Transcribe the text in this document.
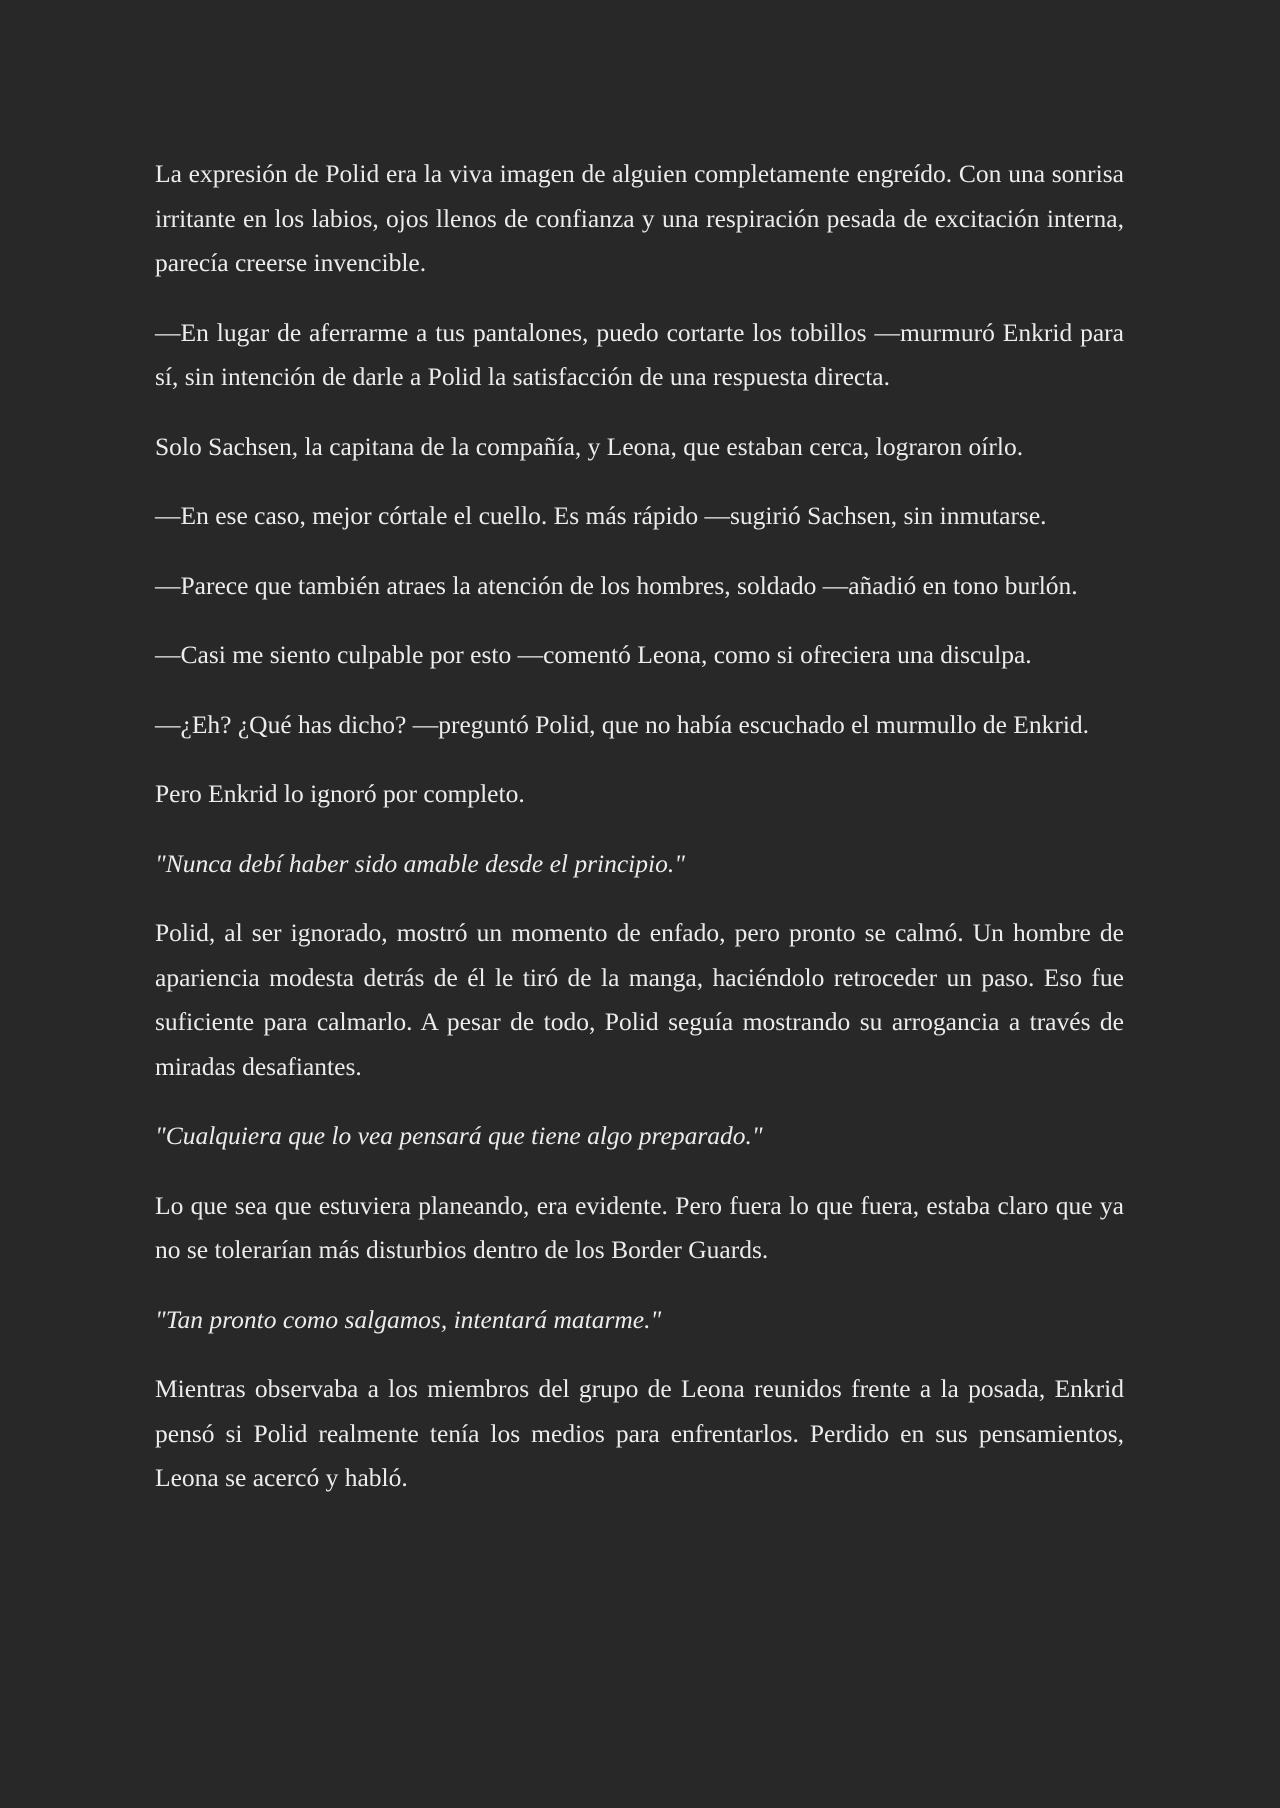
La expresión de Polid era la viva imagen de alguien completamente engreído. Con una sonrisa irritante en los labios, ojos llenos de confianza y una respiración pesada de excitación interna, parecía creerse invencible.

—En lugar de aferrarme a tus pantalones, puedo cortarte los tobillos —murmuró Enkrid para sí, sin intención de darle a Polid la satisfacción de una respuesta directa.

Solo Sachsen, la capitana de la compañía, y Leona, que estaban cerca, lograron oírlo.

—En ese caso, mejor córtale el cuello. Es más rápido —sugirió Sachsen, sin inmutarse.

—Parece que también atraes la atención de los hombres, soldado —añadió en tono burlón.

—Casi me siento culpable por esto —comentó Leona, como si ofreciera una disculpa.

—¿Eh? ¿Qué has dicho? —preguntó Polid, que no había escuchado el murmullo de Enkrid.

Pero Enkrid lo ignoró por completo.

"Nunca debí haber sido amable desde el principio."

Polid, al ser ignorado, mostró un momento de enfado, pero pronto se calmó. Un hombre de apariencia modesta detrás de él le tiró de la manga, haciéndolo retroceder un paso. Eso fue suficiente para calmarlo. A pesar de todo, Polid seguía mostrando su arrogancia a través de miradas desafiantes.

"Cualquiera que lo vea pensará que tiene algo preparado."

Lo que sea que estuviera planeando, era evidente. Pero fuera lo que fuera, estaba claro que ya no se tolerarían más disturbios dentro de los Border Guards.

"Tan pronto como salgamos, intentará matarme."

Mientras observaba a los miembros del grupo de Leona reunidos frente a la posada, Enkrid pensó si Polid realmente tenía los medios para enfrentarlos. Perdido en sus pensamientos, Leona se acercó y habló.
